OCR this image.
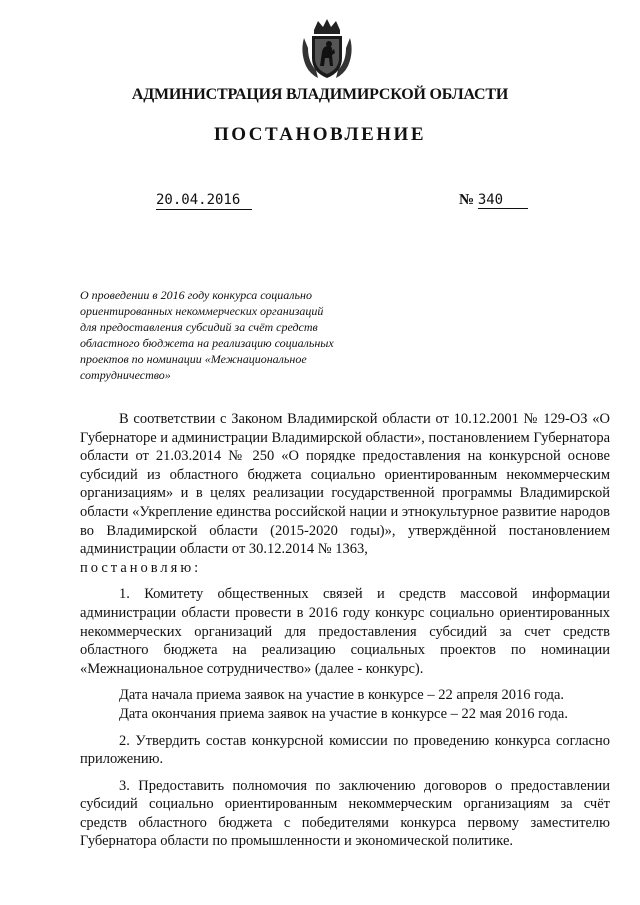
АДМИНИСТРАЦИЯ ВЛАДИМИРСКОЙ ОБЛАСТИ
ПОСТАНОВЛЕНИЕ
20.04.2016	№ 340
О проведении в 2016 году конкурса социально
ориентированных некоммерческих организаций
для предоставления субсидий за счёт средств
областного бюджета на реализацию социальных
проектов по номинации «Межнациональное
сотрудничество»

В соответствии с Законом Владимирской области от 10.12.2001 № 129-ОЗ «О Губернаторе и администрации Владимирской области», постановлением Губернатора области от 21.03.2014 № 250 «О порядке предоставления на конкурсной основе субсидий из областного бюджета социально ориентированным некоммерческим организациям» и в целях реализации государственной программы Владимирской области «Укрепление единства российской нации и этнокультурное развитие народов во Владимирской области (2015-2020 годы)», утверждённой постановлением администрации области от 30.12.2014 № 1363,

постановляю:

1. Комитету общественных связей и средств массовой информации администрации области провести в 2016 году конкурс социально ориентированных некоммерческих организаций для предоставления субсидий за счет средств областного бюджета на реализацию социальных проектов по номинации «Межнациональное сотрудничество» (далее - конкурс).

Дата начала приема заявок на участие в конкурсе – 22 апреля 2016 года.

Дата окончания приема заявок на участие в конкурсе – 22 мая 2016 года.

2. Утвердить состав конкурсной комиссии по проведению конкурса согласно приложению.

3. Предоставить полномочия по заключению договоров о предоставлении субсидий социально ориентированным некоммерческим организациям за счёт средств областного бюджета с победителями конкурса первому заместителю Губернатора области по промышленности и экономической политике.
